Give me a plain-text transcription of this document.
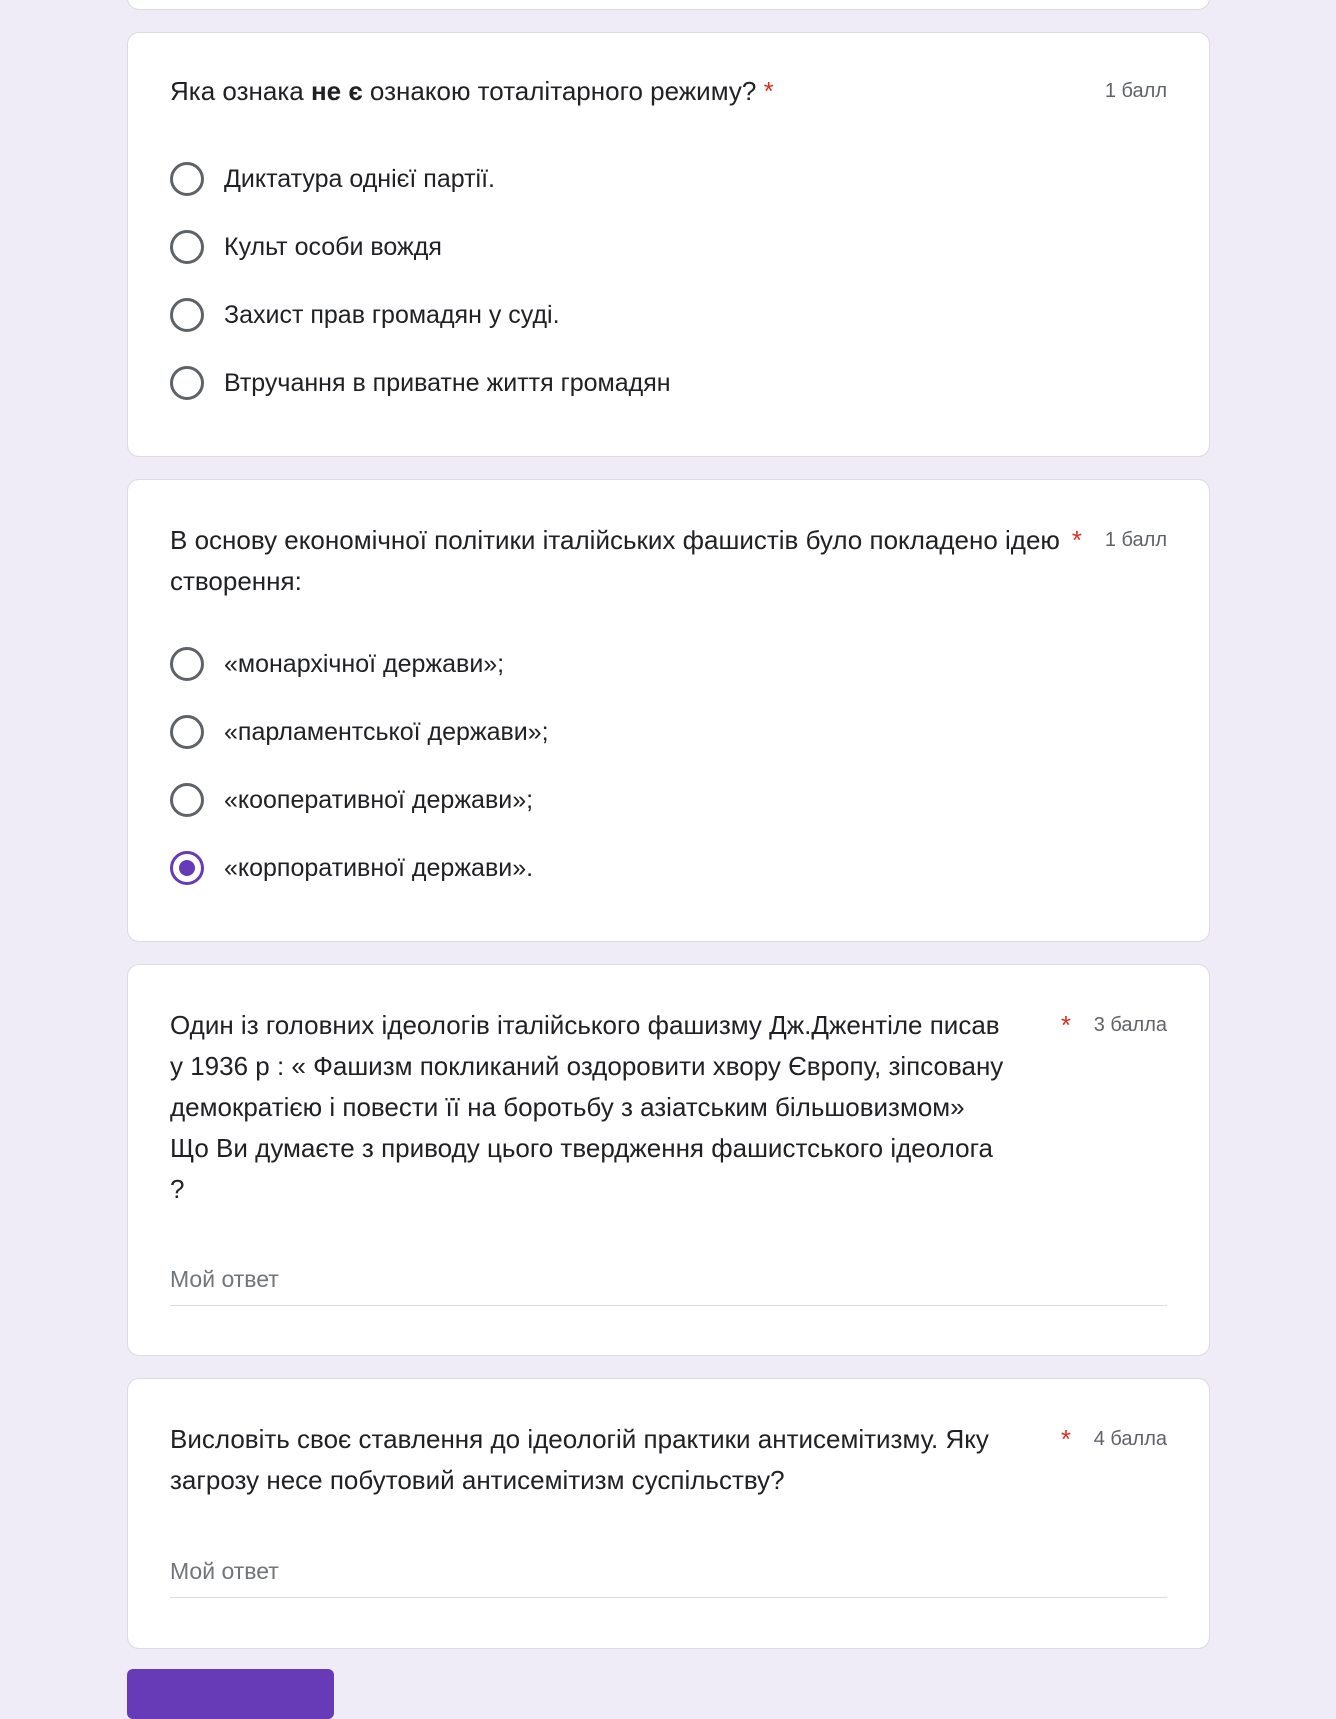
Яка ознака не є ознакою тоталітарного режиму? *	1 балл
Диктатура однієї партії.
Культ особи вождя
Захист прав громадян у суді.
Втручання в приватне життя громадян
В основу економічної політики італійських фашистів було покладено ідею створення:
* 1 балл
«монархічної держави»;
«парламентської держави»;
«кооперативної держави»;
«корпоративної держави».
Один із головних ідеологів італійського фашизму Дж.Джентіле писав
у 1936 р : « Фашизм покликаний оздоровити хвору Європу, зіпсовану
демократією і повести її на боротьбу з азіатським більшовизмом»
Що Ви думаєте з приводу цього твердження фашистського ідеолога
?
* 3 балла
Мой ответ
Висловіть своє ставлення до ідеологій практики антисемітизму. Яку
загрозу несе побутовий антисемітизм суспільству?
* 4 балла
Мой ответ
